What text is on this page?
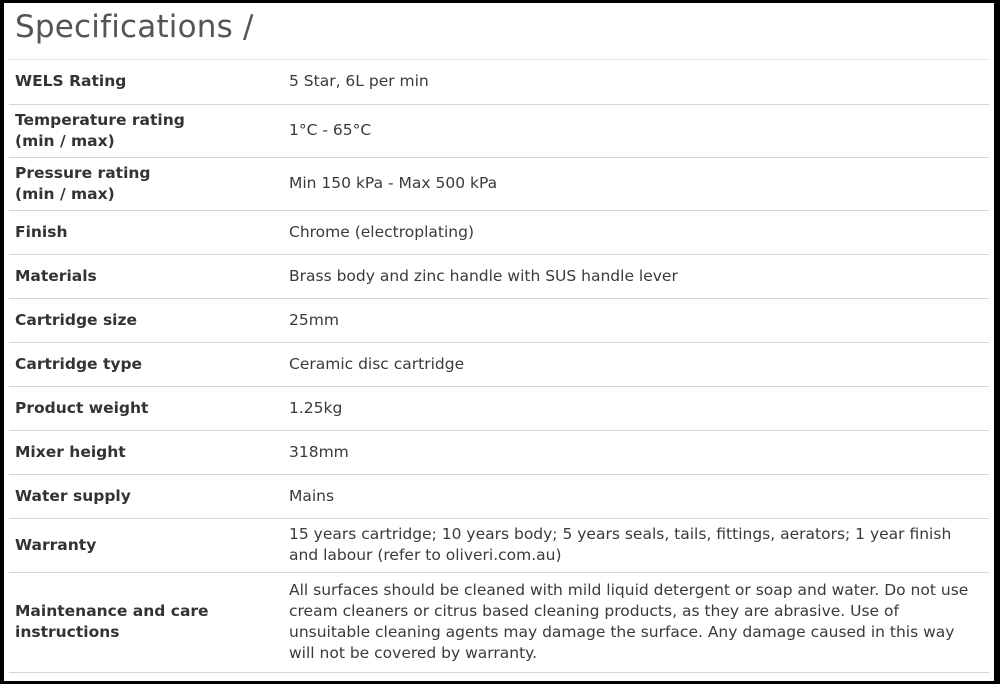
Specifications /
WELS Rating	5 Star, 6L per min
Temperature rating
(min / max)	1°C - 65°C
Pressure rating
(min / max)	Min 150 kPa - Max 500 kPa
Finish	Chrome (electroplating)
Materials	Brass body and zinc handle with SUS handle lever
Cartridge size	25mm
Cartridge type	Ceramic disc cartridge
Product weight	1.25kg
Mixer height	318mm
Water supply	Mains
Warranty	15 years cartridge; 10 years body; 5 years seals, tails, fittings, aerators; 1 year finish and labour (refer to oliveri.com.au)
Maintenance and care instructions	All surfaces should be cleaned with mild liquid detergent or soap and water. Do not use cream cleaners or citrus based cleaning products, as they are abrasive. Use of unsuitable cleaning agents may damage the surface. Any damage caused in this way will not be covered by warranty.
